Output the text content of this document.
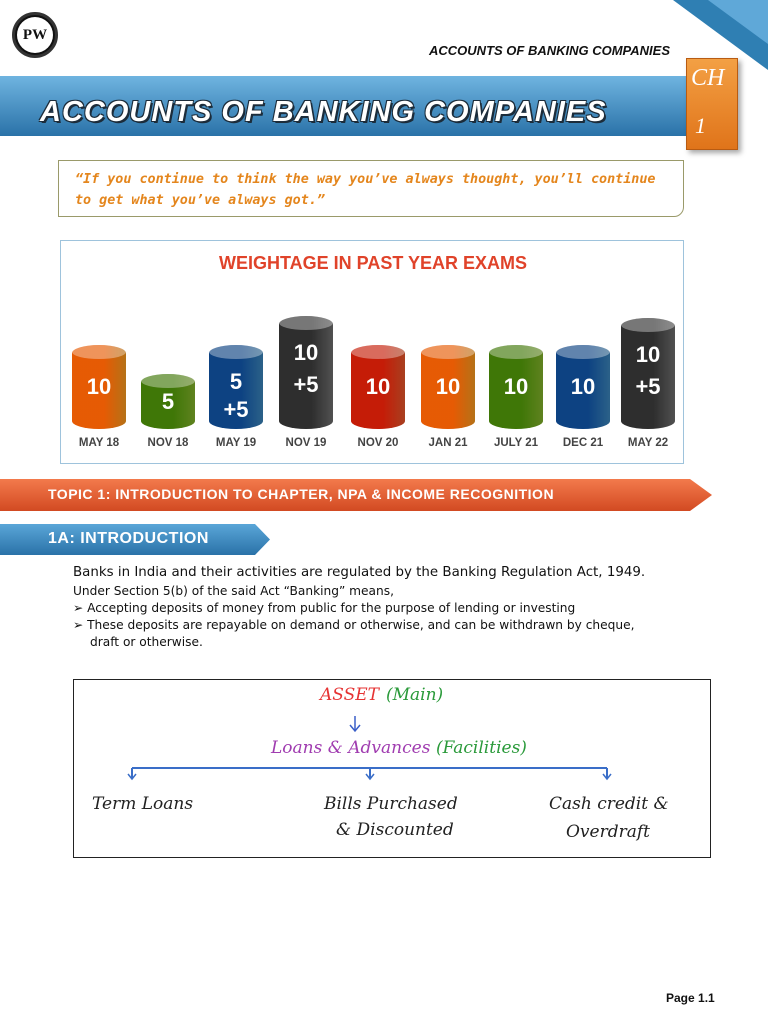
PW
ACCOUNTS OF BANKING COMPANIES
ACCOUNTS OF BANKING COMPANIES
CH
1
“If you continue to think the way you’ve always thought, you’ll continue to get what you’ve always got.”
WEIGHTAGE IN PAST YEAR EXAMS
10
MAY 18
5
NOV 18
5
+5
MAY 19
10
+5
NOV 19
10
NOV 20
10
JAN 21
10
JULY 21
10
DEC 21
10
+5
MAY 22
TOPIC 1: INTRODUCTION TO CHAPTER, NPA & INCOME RECOGNITION
1A: INTRODUCTION
Banks in India and their activities are regulated by the Banking Regulation Act, 1949.
Under Section 5(b) of the said Act “Banking” means,
➢ Accepting deposits of money from public for the purpose of lending or investing
➢ These deposits are repayable on demand or otherwise, and can be withdrawn by cheque,
draft or otherwise.
ASSET (Main)
Loans & Advances (Facilities)
Term Loans	Bills Purchased
& Discounted
Cash credit &
Overdraft
Page 1.1
